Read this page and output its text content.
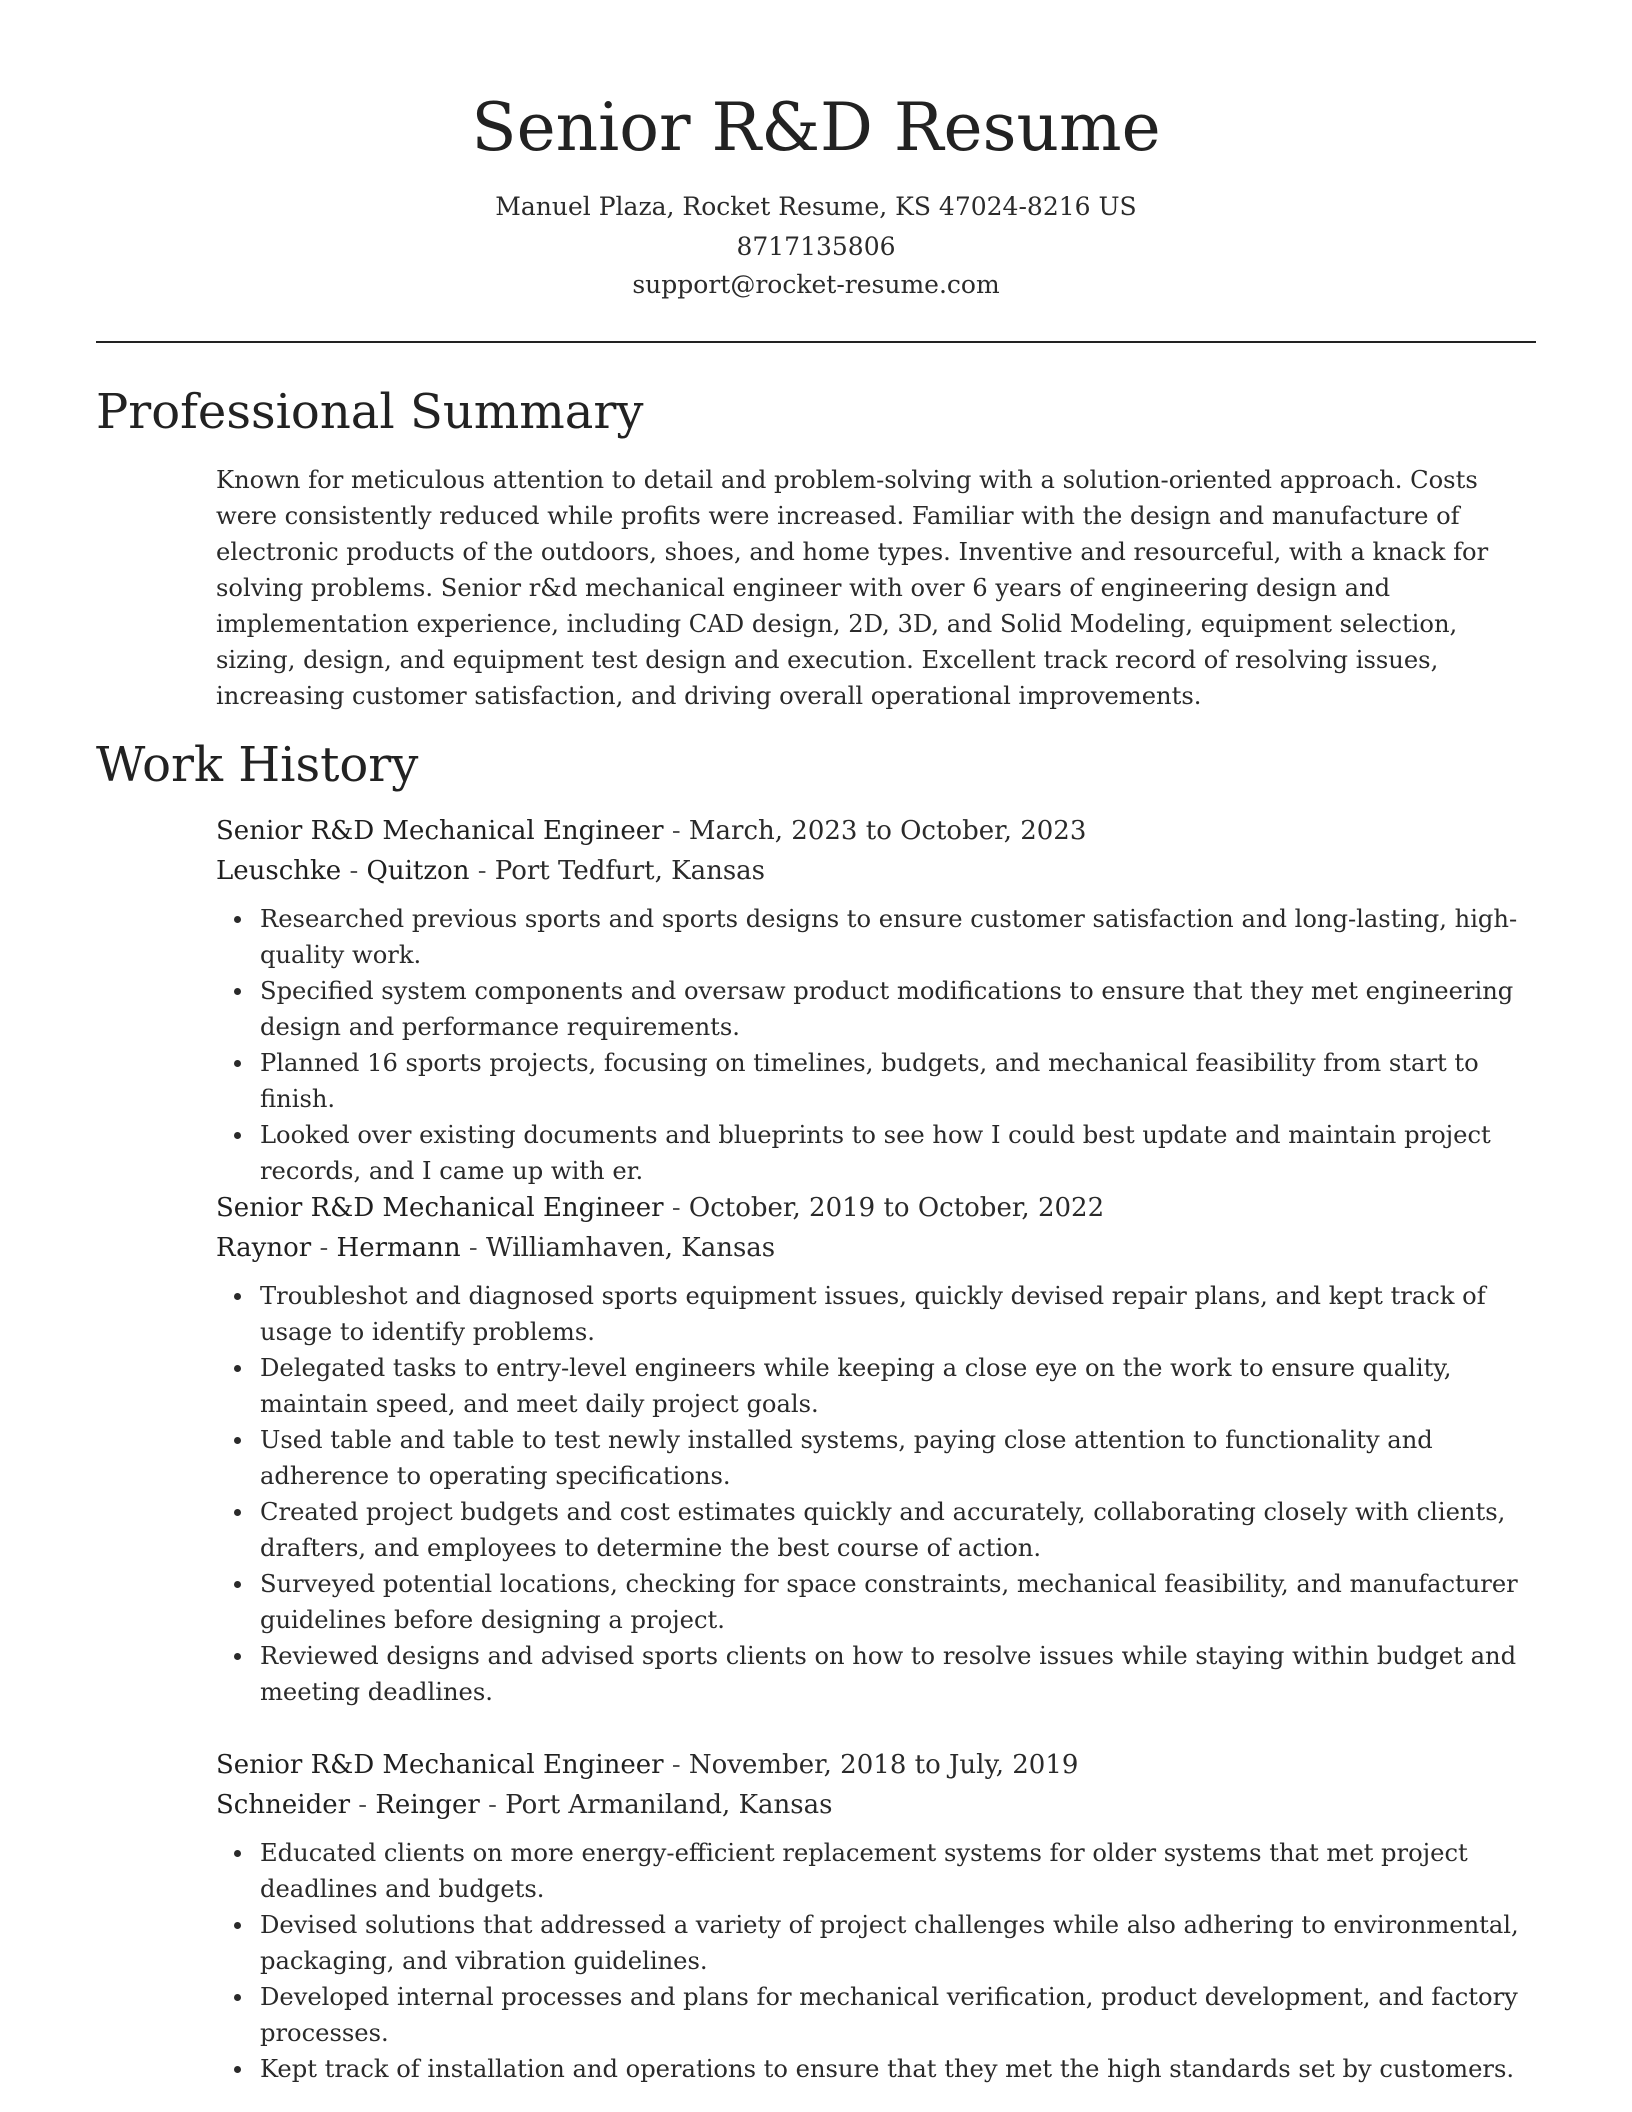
Senior R&D Resume
Manuel Plaza, Rocket Resume, KS 47024-8216 US
8717135806
support@rocket-resume.com
Professional Summary

Known for meticulous attention to detail and problem-solving with a solution-oriented approach. Costs were consistently reduced while profits were increased. Familiar with the design and manufacture of electronic products of the outdoors, shoes, and home types. Inventive and resourceful, with a knack for solving problems. Senior r&d mechanical engineer with over 6 years of engineering design and implementation experience, including CAD design, 2D, 3D, and Solid Modeling, equipment selection, sizing, design, and equipment test design and execution. Excellent track record of resolving issues, increasing customer satisfaction, and driving overall operational improvements.

Work History
Senior R&D Mechanical Engineer - March, 2023 to October, 2023
Leuschke - Quitzon - Port Tedfurt, Kansas
Researched previous sports and sports designs to ensure customer satisfaction and long-lasting, high-quality work.
Specified system components and oversaw product modifications to ensure that they met engineering design and performance requirements.
Planned 16 sports projects, focusing on timelines, budgets, and mechanical feasibility from start to finish.
Looked over existing documents and blueprints to see how I could best update and maintain project records, and I came up with er.
Senior R&D Mechanical Engineer - October, 2019 to October, 2022
Raynor - Hermann - Williamhaven, Kansas
Troubleshot and diagnosed sports equipment issues, quickly devised repair plans, and kept track of usage to identify problems.
Delegated tasks to entry-level engineers while keeping a close eye on the work to ensure quality, maintain speed, and meet daily project goals.
Used table and table to test newly installed systems, paying close attention to functionality and adherence to operating specifications.
Created project budgets and cost estimates quickly and accurately, collaborating closely with clients, drafters, and employees to determine the best course of action.
Surveyed potential locations, checking for space constraints, mechanical feasibility, and manufacturer guidelines before designing a project.
Reviewed designs and advised sports clients on how to resolve issues while staying within budget and meeting deadlines.
Senior R&D Mechanical Engineer - November, 2018 to July, 2019
Schneider - Reinger - Port Armaniland, Kansas
Educated clients on more energy-efficient replacement systems for older systems that met project deadlines and budgets.
Devised solutions that addressed a variety of project challenges while also adhering to environmental, packaging, and vibration guidelines.
Developed internal processes and plans for mechanical verification, product development, and factory processes.
Kept track of installation and operations to ensure that they met the high standards set by customers.
